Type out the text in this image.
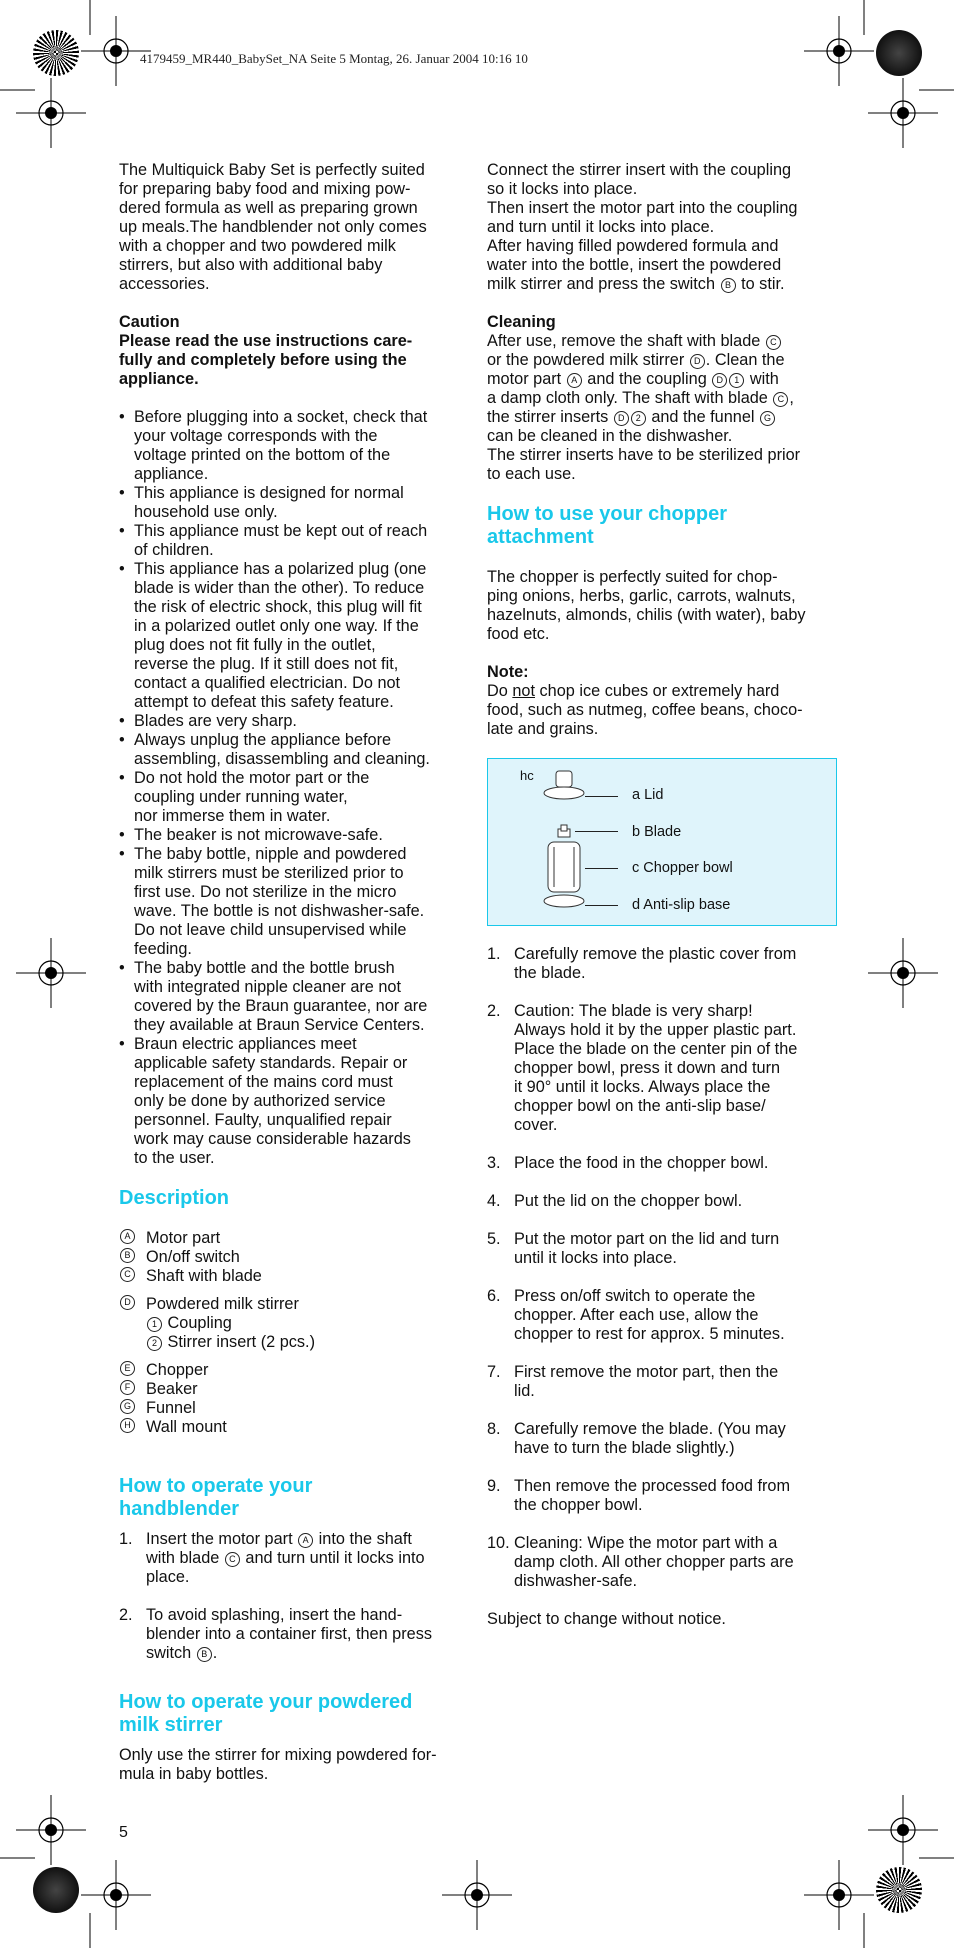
4179459_MR440_BabySet_NA Seite 5 Montag, 26. Januar 2004 10:16 10

The Multiquick Baby Set is perfectly suited

for preparing baby food and mixing pow-

dered formula as well as preparing grown

up meals.The handblender not only comes

with a chopper and two powdered milk

stirrers, but also with additional baby

accessories.

Caution

Please read the use instructions care-

fully and completely before using the

appliance.

• Before plugging into a socket, check that

your voltage corresponds with the

voltage printed on the bottom of the

appliance.

• This appliance is designed for normal

household use only.

• This appliance must be kept out of reach

of children.

• This appliance has a polarized plug (one

blade is wider than the other). To reduce

the risk of electric shock, this plug will fit

in a polarized outlet only one way. If the

plug does not fit fully in the outlet,

reverse the plug. If it still does not fit,

contact a qualified electrician. Do not

attempt to defeat this safety feature.

• Blades are very sharp.

• Always unplug the appliance before

assembling, disassembling and cleaning.

• Do not hold the motor part or the

coupling under running water,

nor immerse them in water.

• The beaker is not microwave-safe.

• The baby bottle, nipple and powdered

milk stirrers must be sterilized prior to

first use. Do not sterilize in the micro

wave. The bottle is not dishwasher-safe.

Do not leave child unsupervised while

feeding.

• The baby bottle and the bottle brush

with integrated nipple cleaner are not

covered by the Braun guarantee, nor are

they available at Braun Service Centers.

• Braun electric appliances meet

applicable safety standards. Repair or

replacement of the mains cord must

only be done by authorized service

personnel. Faulty, unqualified repair

work may cause considerable hazards

to the user.

Description
A Motor part
B On/off switch
C Shaft with blade
D Powdered milk stirrer
1 Coupling
2 Stirrer insert (2 pcs.)
E Chopper
F Beaker
G Funnel
H Wall mount
How to operate your
handblender
1. Insert the motor part A into the shaft

with blade C and turn until it locks into

place.

2. To avoid splashing, insert the hand-

blender into a container first, then press

switch B .

How to operate your powdered
milk stirrer

Only use the stirrer for mixing powdered for-

mula in baby bottles.

Connect the stirrer insert with the coupling

so it locks into place.

Then insert the motor part into the coupling

and turn until it locks into place.

After having filled powdered formula and

water into the bottle, insert the powdered

milk stirrer and press the switch B to stir.

Cleaning

After use, remove the shaft with blade C

or the powdered milk stirrer D . Clean the

motor part A and the coupling D 1 with

a damp cloth only. The shaft with blade C ,

the stirrer inserts D 2 and the funnel G

can be cleaned in the dishwasher.

The stirrer inserts have to be sterilized prior

to each use.

How to use your chopper
attachment

The chopper is perfectly suited for chop-

ping onions, herbs, garlic, carrots, walnuts,

hazelnuts, almonds, chilis (with water), baby

food etc.

Note:

Do not chop ice cubes or extremely hard

food, such as nutmeg, coffee beans, choco-

late and grains.

hc
a Lid
b Blade
c Chopper bowl
d Anti-slip base
1. Carefully remove the plastic cover from

the blade.

2. Caution: The blade is very sharp!

Always hold it by the upper plastic part.

Place the blade on the center pin of the

chopper bowl, press it down and turn

it 90° until it locks. Always place the

chopper bowl on the anti-slip base/

cover.

3. Place the food in the chopper bowl.

4. Put the lid on the chopper bowl.

5. Put the motor part on the lid and turn

until it locks into place.

6. Press on/off switch to operate the

chopper. After each use, allow the

chopper to rest for approx. 5 minutes.

7. First remove the motor part, then the

lid.

8. Carefully remove the blade. (You may

have to turn the blade slightly.)

9. Then remove the processed food from

the chopper bowl.

10. Cleaning: Wipe the motor part with a

damp cloth. All other chopper parts are

dishwasher-safe.

Subject to change without notice.

5
